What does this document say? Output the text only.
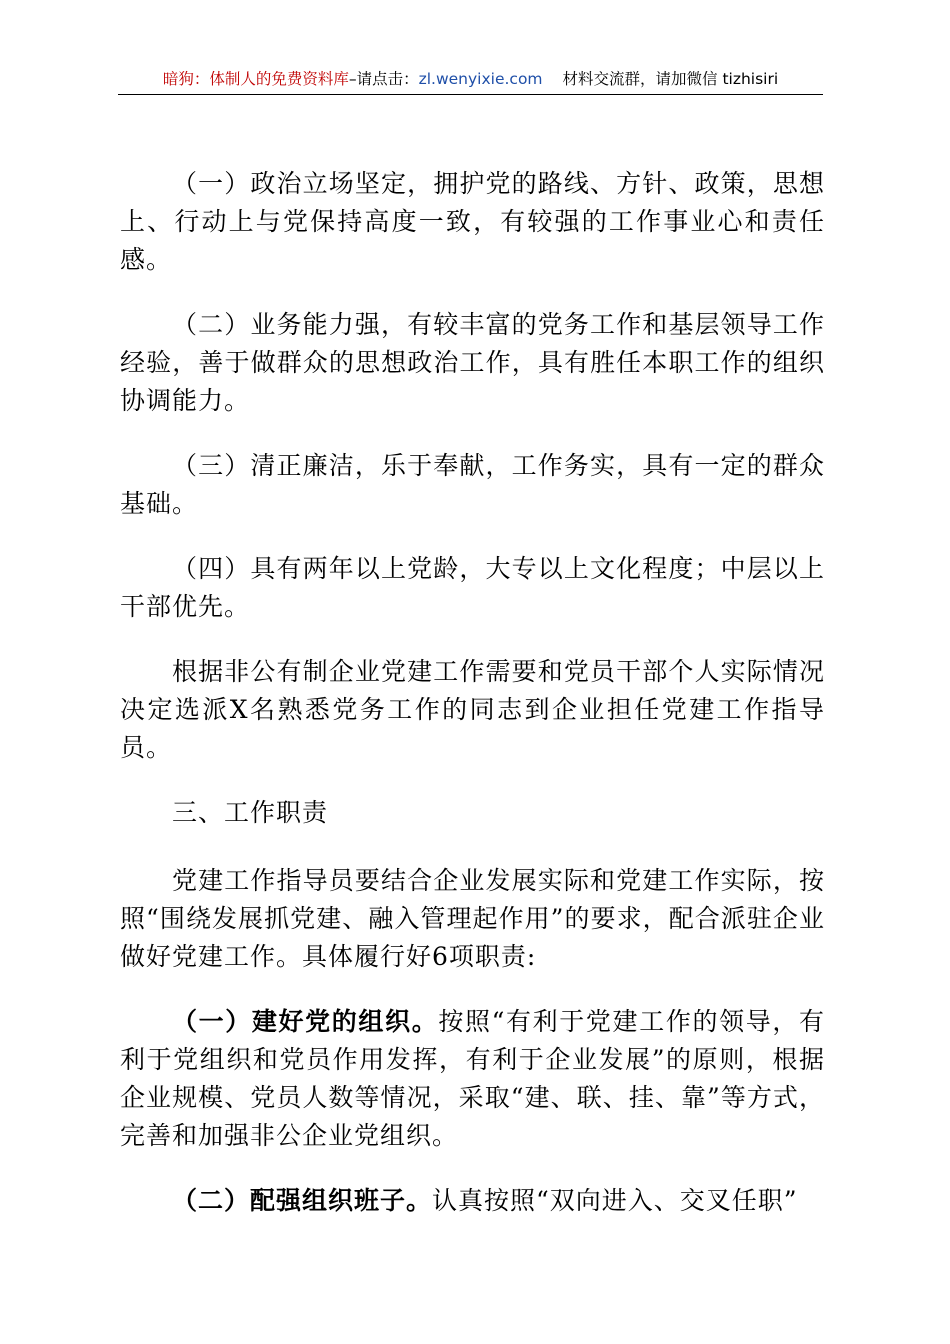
暗狗：体制人的免费资料库–请点击：zl.wenyixie.com 材料交流群，请加微信 tizhisiri

（一）政治立场坚定，拥护党的路线、方针、政策，思想上、行动上与党保持高度一致，有较强的工作事业心和责任感。

（二）业务能力强，有较丰富的党务工作和基层领导工作经验，善于做群众的思想政治工作，具有胜任本职工作的组织协调能力。

（三）清正廉洁，乐于奉献，工作务实，具有一定的群众基础。

（四）具有两年以上党龄，大专以上文化程度；中层以上干部优先。

根据非公有制企业党建工作需要和党员干部个人实际情况决定选派X名熟悉党务工作的同志到企业担任党建工作指导员。

三、工作职责

党建工作指导员要结合企业发展实际和党建工作实际，按照“围绕发展抓党建、融入管理起作用”的要求，配合派驻企业做好党建工作。具体履行好6项职责:

（一）建好党的组织。按照“有利于党建工作的领导，有利于党组织和党员作用发挥，有利于企业发展”的原则，根据企业规模、党员人数等情况，采取“建、联、挂、靠”等方式，完善和加强非公企业党组织。

（二）配强组织班子。认真按照“双向进入、交叉任职”
